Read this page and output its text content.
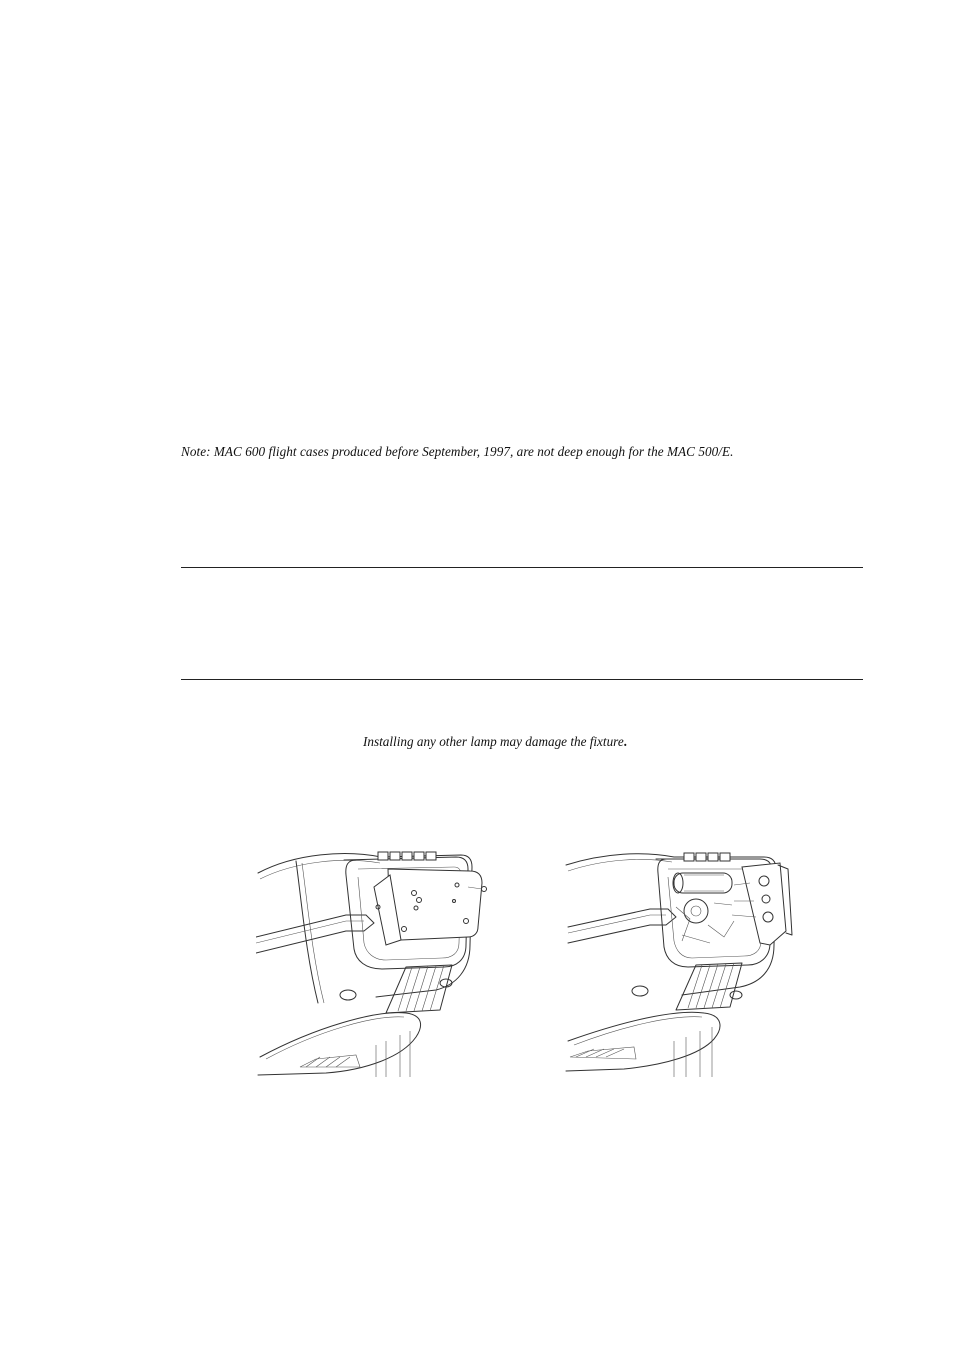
Note: MAC 600 flight cases produced before September, 1997, are not deep enough for the MAC 500/E.
Installing any other lamp may damage the fixture.
